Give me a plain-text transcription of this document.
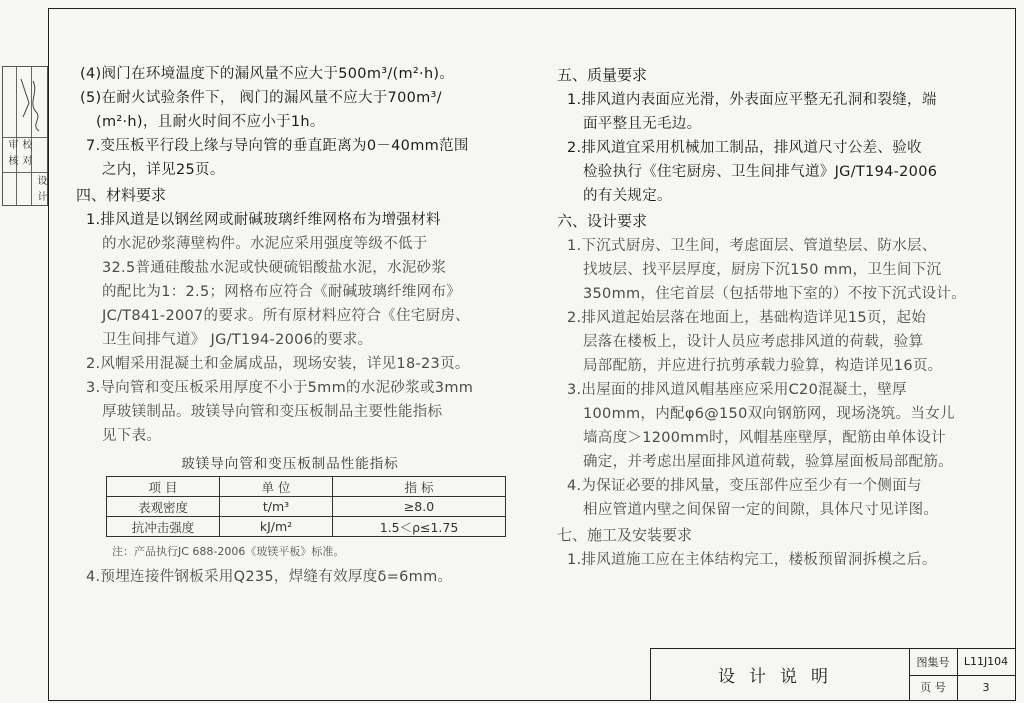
审
核
校
对
设
计
(4)阀门在环境温度下的漏风量不应大于500m³/(m²·h)。
(5)在耐火试验条件下， 阀门的漏风量不应大于700m³/
(m²·h)，且耐火时间不应小于1h。
7.变压板平行段上缘与导向管的垂直距离为0－40mm范围
之内，详见25页。
四、材料要求
1.排风道是以钢丝网或耐碱玻璃纤维网格布为增强材料
的水泥砂浆薄壁构件。水泥应采用强度等级不低于
32.5普通硅酸盐水泥或快硬硫铝酸盐水泥，水泥砂浆
的配比为1：2.5；网格布应符合《耐碱玻璃纤维网布》
JC/T841-2007的要求。所有原材料应符合《住宅厨房、
卫生间排气道》 JG/T194-2006的要求。
2.风帽采用混凝土和金属成品，现场安装，详见18-23页。
3.导向管和变压板采用厚度不小于5mm的水泥砂浆或3mm
厚玻镁制品。玻镁导向管和变压板制品主要性能指标
见下表。
玻镁导向管和变压板制品性能指标
项 目	单 位	指 标
表观密度	t/m³	≥8.0
抗冲击强度	kJ/m²	1.5＜ρ≤1.75
注：产品执行JC 688-2006《玻镁平板》标准。
4.预埋连接件钢板采用Q235，焊缝有效厚度δ=6mm。
五、质量要求
1.排风道内表面应光滑，外表面应平整无孔洞和裂缝，端
面平整且无毛边。
2.排风道宜采用机械加工制品，排风道尺寸公差、验收
检验执行《住宅厨房、卫生间排气道》JG/T194-2006
的有关规定。
六、设计要求
1.下沉式厨房、卫生间，考虑面层、管道垫层、防水层、
找坡层、找平层厚度，厨房下沉150 mm，卫生间下沉
350mm，住宅首层（包括带地下室的）不按下沉式设计。
2.排风道起始层落在地面上，基础构造详见15页，起始
层落在楼板上，设计人员应考虑排风道的荷载，验算
局部配筋，并应进行抗剪承载力验算，构造详见16页。
3.出屋面的排风道风帽基座应采用C20混凝土，壁厚
100mm，内配φ6@150双向钢筋网，现场浇筑。当女儿
墙高度＞1200mm时，风帽基座壁厚，配筋由单体设计
确定，并考虑出屋面排风道荷载，验算屋面板局部配筋。
4.为保证必要的排风量，变压部件应至少有一个侧面与
相应管道内壁之间保留一定的间隙，具体尺寸见详图。
七、施工及安装要求
1.排风道施工应在主体结构完工，楼板预留洞拆模之后。
设计说明
图集号	L11J104
页 号	3
